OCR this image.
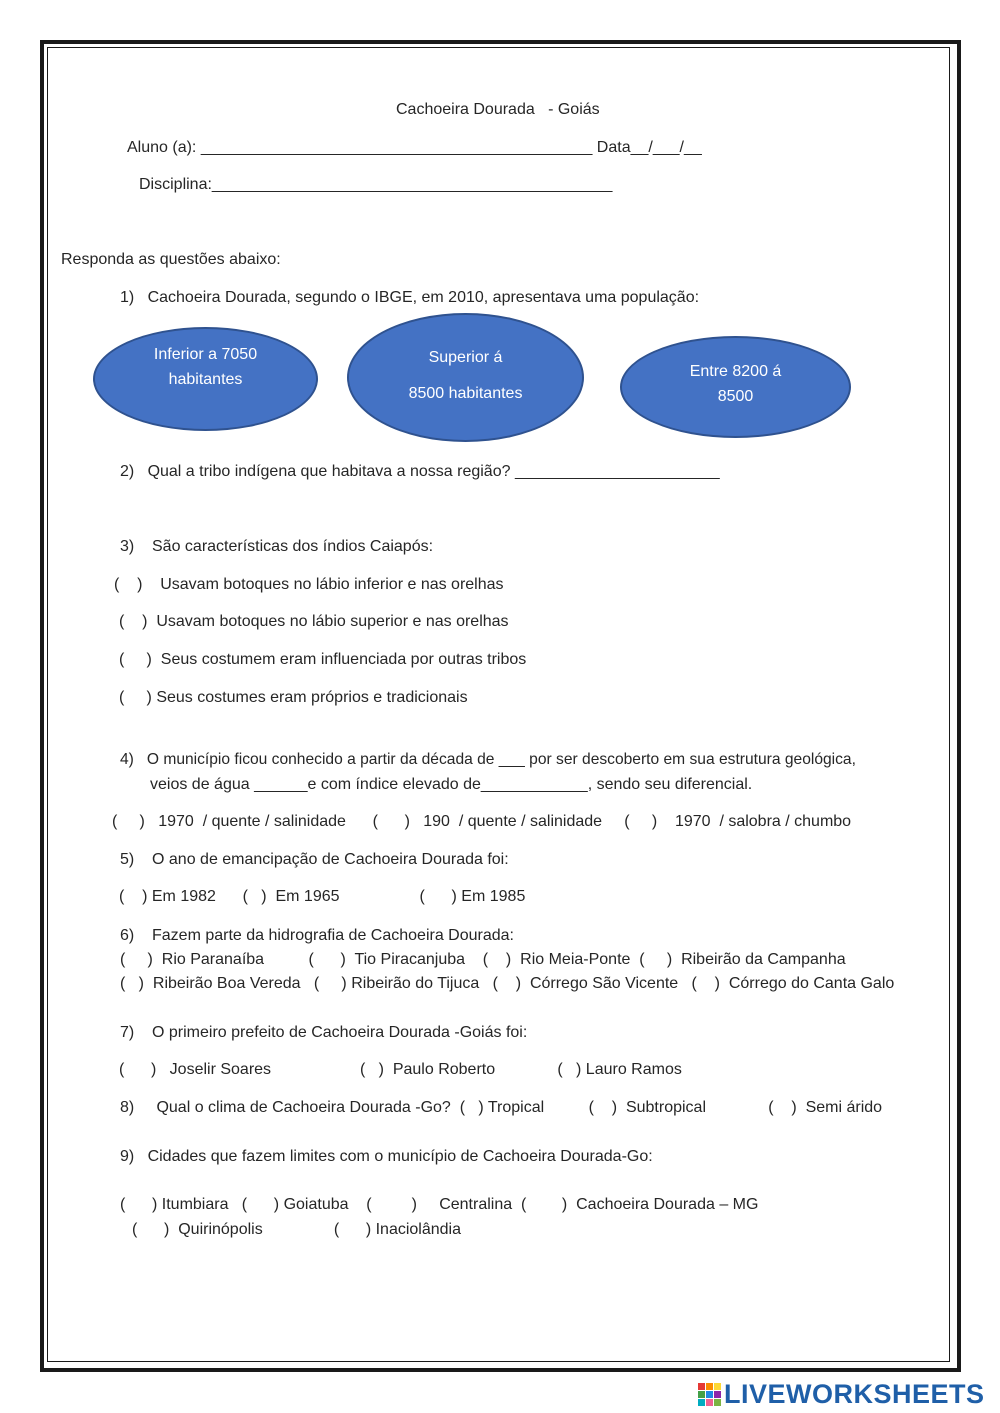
Cachoeira Dourada   - Goiás
Aluno (a): ____________________________________________ Data__/___/__
Disciplina:_____________________________________________
Responda as questões abaixo:
1)   Cachoeira Dourada, segundo o IBGE, em 2010, apresentava uma população:
Inferior a 7050
habitantes
Superior á
8500 habitantes
Entre 8200 á
8500
2)   Qual a tribo indígena que habitava a nossa região? _______________________
3)    São características dos índios Caiapós:
(    )    Usavam botoques no lábio inferior e nas orelhas
(    )  Usavam botoques no lábio superior e nas orelhas
(     )  Seus costumem eram influenciada por outras tribos
(     ) Seus costumes eram próprios e tradicionais
4)   O município ficou conhecido a partir da década de ___ por ser descoberto em sua estrutura geológica,
veios de água ______e com índice elevado de____________, sendo seu diferencial.
(     )   1970  / quente / salinidade      (      )   190  / quente / salinidade     (     )    1970  / salobra / chumbo
5)    O ano de emancipação de Cachoeira Dourada foi:
(    ) Em 1982      (   )  Em 1965                  (      ) Em 1985
6)    Fazem parte da hidrografia de Cachoeira Dourada:
(     )  Rio Paranaíba          (      )  Tio Piracanjuba    (    )  Rio Meia-Ponte  (     )  Ribeirão da Campanha
(   )  Ribeirão Boa Vereda   (     ) Ribeirão do Tijuca   (    )  Córrego São Vicente   (    )  Córrego do Canta Galo
7)    O primeiro prefeito de Cachoeira Dourada -Goiás foi:
(      )   Joselir Soares                    (   )  Paulo Roberto              (   ) Lauro Ramos
8)     Qual o clima de Cachoeira Dourada -Go?  (   ) Tropical          (    )  Subtropical              (    )  Semi árido
9)   Cidades que fazem limites com o município de Cachoeira Dourada-Go:
(      ) Itumbiara   (      ) Goiatuba    (         )     Centralina  (        )  Cachoeira Dourada – MG
(      )  Quirinópolis                (      ) Inaciolândia
LIVEWORKSHEETS
